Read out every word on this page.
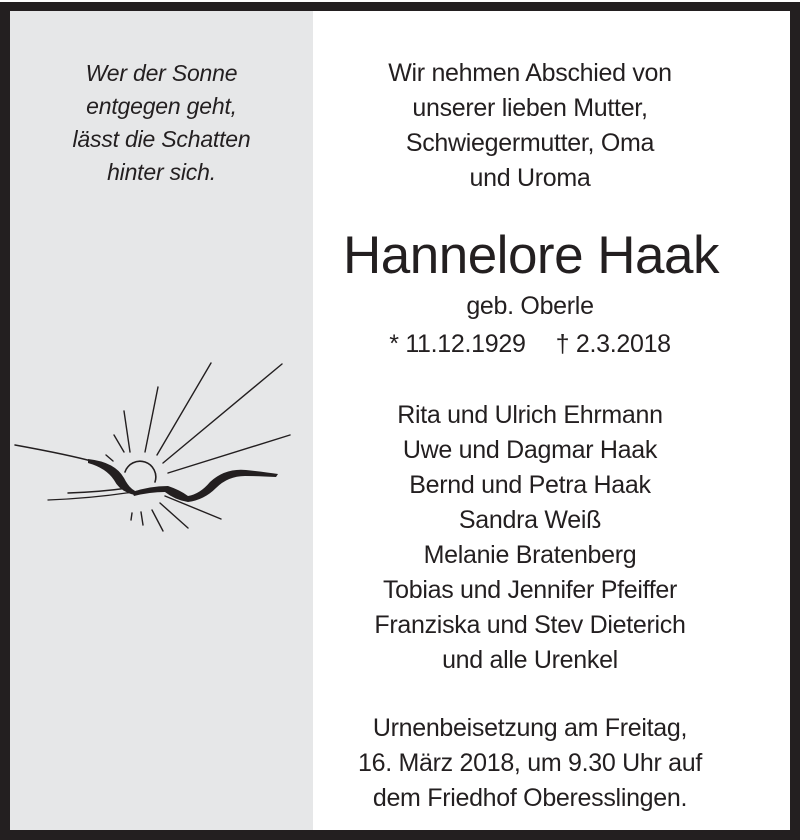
Wer der Sonne
entgegen geht,
lässt die Schatten
hinter sich.
Wir nehmen Abschied von
unserer lieben Mutter,
Schwiegermutter, Oma
und Uroma
Hannelore Haak
geb. Oberle
* 11.12.1929 † 2.3.2018
Rita und Ulrich Ehrmann
Uwe und Dagmar Haak
Bernd und Petra Haak
Sandra Weiß
Melanie Bratenberg
Tobias und Jennifer Pfeiffer
Franziska und Stev Dieterich
und alle Urenkel
Urnenbeisetzung am Freitag,
16. März 2018, um 9.30 Uhr auf
dem Friedhof Oberesslingen.
